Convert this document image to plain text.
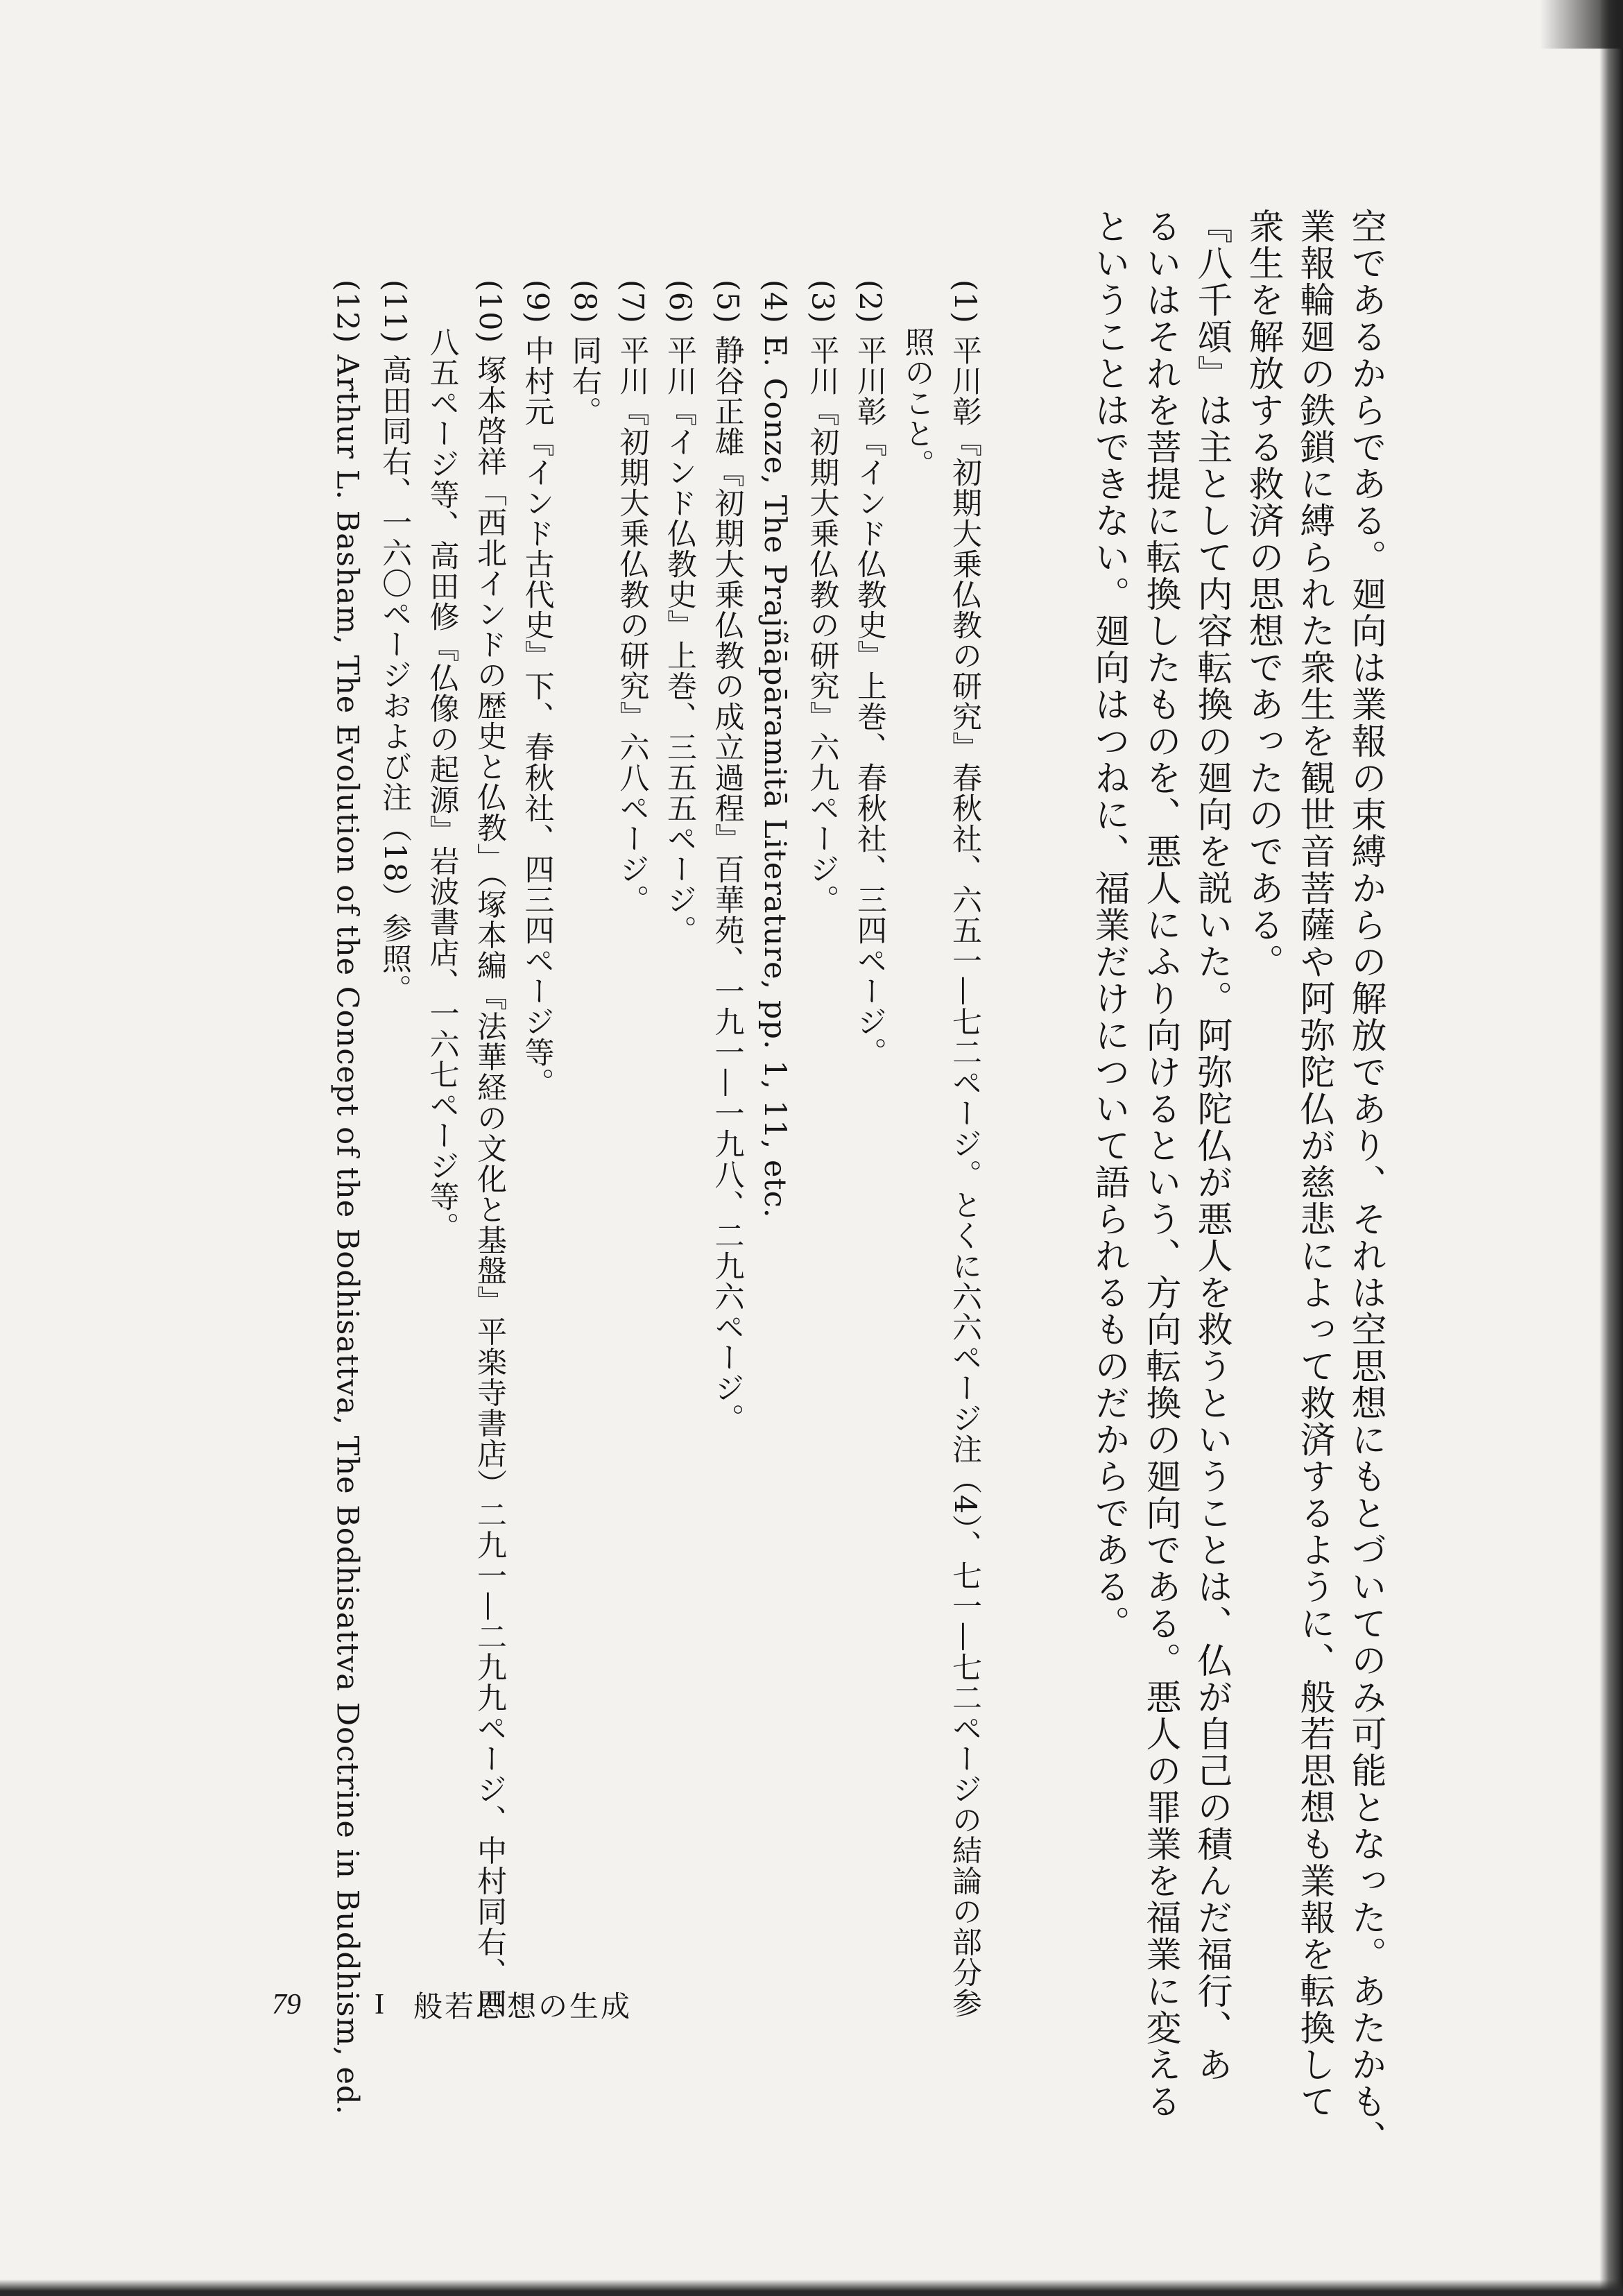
空であるからである。廻向は業報の束縛からの解放であり、それは空思想にもとづいてのみ可能となった。あたかも、
業報輪廻の鉄鎖に縛られた衆生を観世音菩薩や阿弥陀仏が慈悲によって救済するように、般若思想も業報を転換して
衆生を解放する救済の思想であったのである。
『八千頌』は主として内容転換の廻向を説いた。阿弥陀仏が悪人を救うということは、仏が自己の積んだ福行、あ
るいはそれを菩提に転換したものを、悪人にふり向けるという、方向転換の廻向である。悪人の罪業を福業に変える
ということはできない。廻向はつねに、福業だけについて語られるものだからである。
(1)平川彰『初期大乗仏教の研究』春秋社、六五一—七二ページ。とくに六六ページ注（4）、七一—七二ページの結論の部分参
照のこと。
(2)平川彰『インド仏教史』上巻、春秋社、三四ページ。
(3)平川『初期大乗仏教の研究』六九ページ。
(4)E. Conze, The Prajñāpāramitā Literature, pp. 1, 11, etc.
(5)静谷正雄『初期大乗仏教の成立過程』百華苑、一九一—一九八、二九六ページ。
(6)平川『インド仏教史』上巻、三五五ページ。
(7)平川『初期大乗仏教の研究』六八ページ。
(8)同右。
(9)中村元『インド古代史』下、春秋社、四三四ページ等。
(10)塚本啓祥「西北インドの歴史と仏教」（塚本編『法華経の文化と基盤』平楽寺書店）二九一—二九九ページ、中村同右、四
八五ページ等、高田修『仏像の起源』岩波書店、一六七ページ等。
(11)高田同右、一六〇ページおよび注（18）参照。
(12)Arthur L. Basham, The Evolution of the Concept of the Bodhisattva, The Bodhisattva Doctrine in Buddhism, ed.
79	I	般若思想の生成
